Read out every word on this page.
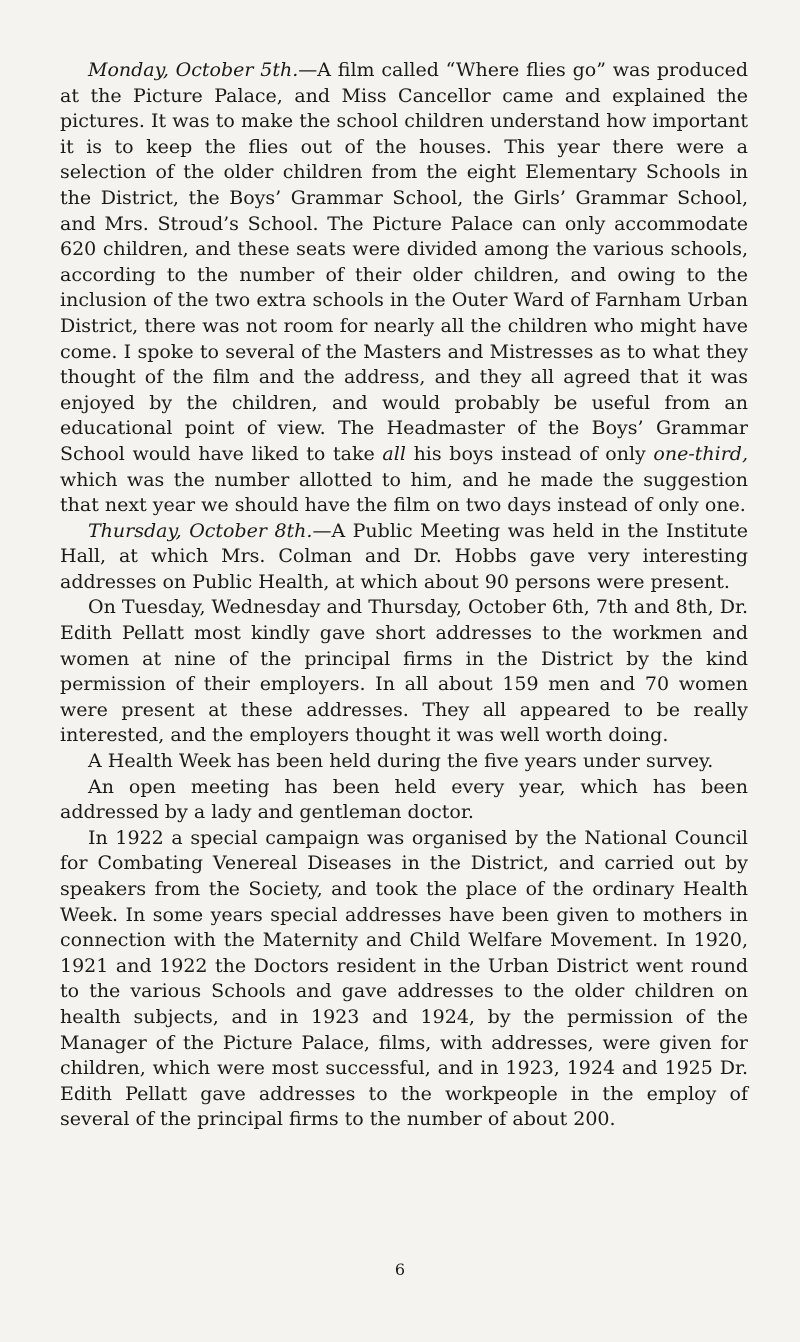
Monday, October 5th.—A film called “Where flies go” was produced at the Picture Palace, and Miss Cancellor came and explained the pictures. It was to make the school children understand how important it is to keep the flies out of the houses. This year there were a selection of the older children from the eight Elementary Schools in the District, the Boys’ Grammar School, the Girls’ Grammar School, and Mrs. Stroud’s School. The Picture Palace can only accommodate 620 children, and these seats were divided among the various schools, according to the number of their older children, and owing to the inclusion of the two extra schools in the Outer Ward of Farnham Urban District, there was not room for nearly all the children who might have come. I spoke to several of the Masters and Mistresses as to what they thought of the film and the address, and they all agreed that it was enjoyed by the children, and would probably be useful from an educational point of view. The Headmaster of the Boys’ Grammar School would have liked to take all his boys instead of only one-third, which was the number allotted to him, and he made the suggestion that next year we should have the film on two days instead of only one.

Thursday, October 8th.—A Public Meeting was held in the Institute Hall, at which Mrs. Colman and Dr. Hobbs gave very interesting addresses on Public Health, at which about 90 persons were present.

On Tuesday, Wednesday and Thursday, October 6th, 7th and 8th, Dr. Edith Pellatt most kindly gave short addresses to the workmen and women at nine of the principal firms in the District by the kind permission of their employers. In all about 159 men and 70 women were present at these addresses. They all appeared to be really interested, and the employers thought it was well worth doing.

A Health Week has been held during the five years under survey.

An open meeting has been held every year, which has been addressed by a lady and gentleman doctor.

In 1922 a special campaign was organised by the National Council for Combating Venereal Diseases in the District, and carried out by speakers from the Society, and took the place of the ordinary Health Week. In some years special addresses have been given to mothers in connection with the Maternity and Child Welfare Movement. In 1920, 1921 and 1922 the Doctors resident in the Urban District went round to the various Schools and gave addresses to the older children on health subjects, and in 1923 and 1924, by the permission of the Manager of the Picture Palace, films, with addresses, were given for children, which were most successful, and in 1923, 1924 and 1925 Dr. Edith Pellatt gave addresses to the workpeople in the employ of several of the principal firms to the number of about 200.

6
